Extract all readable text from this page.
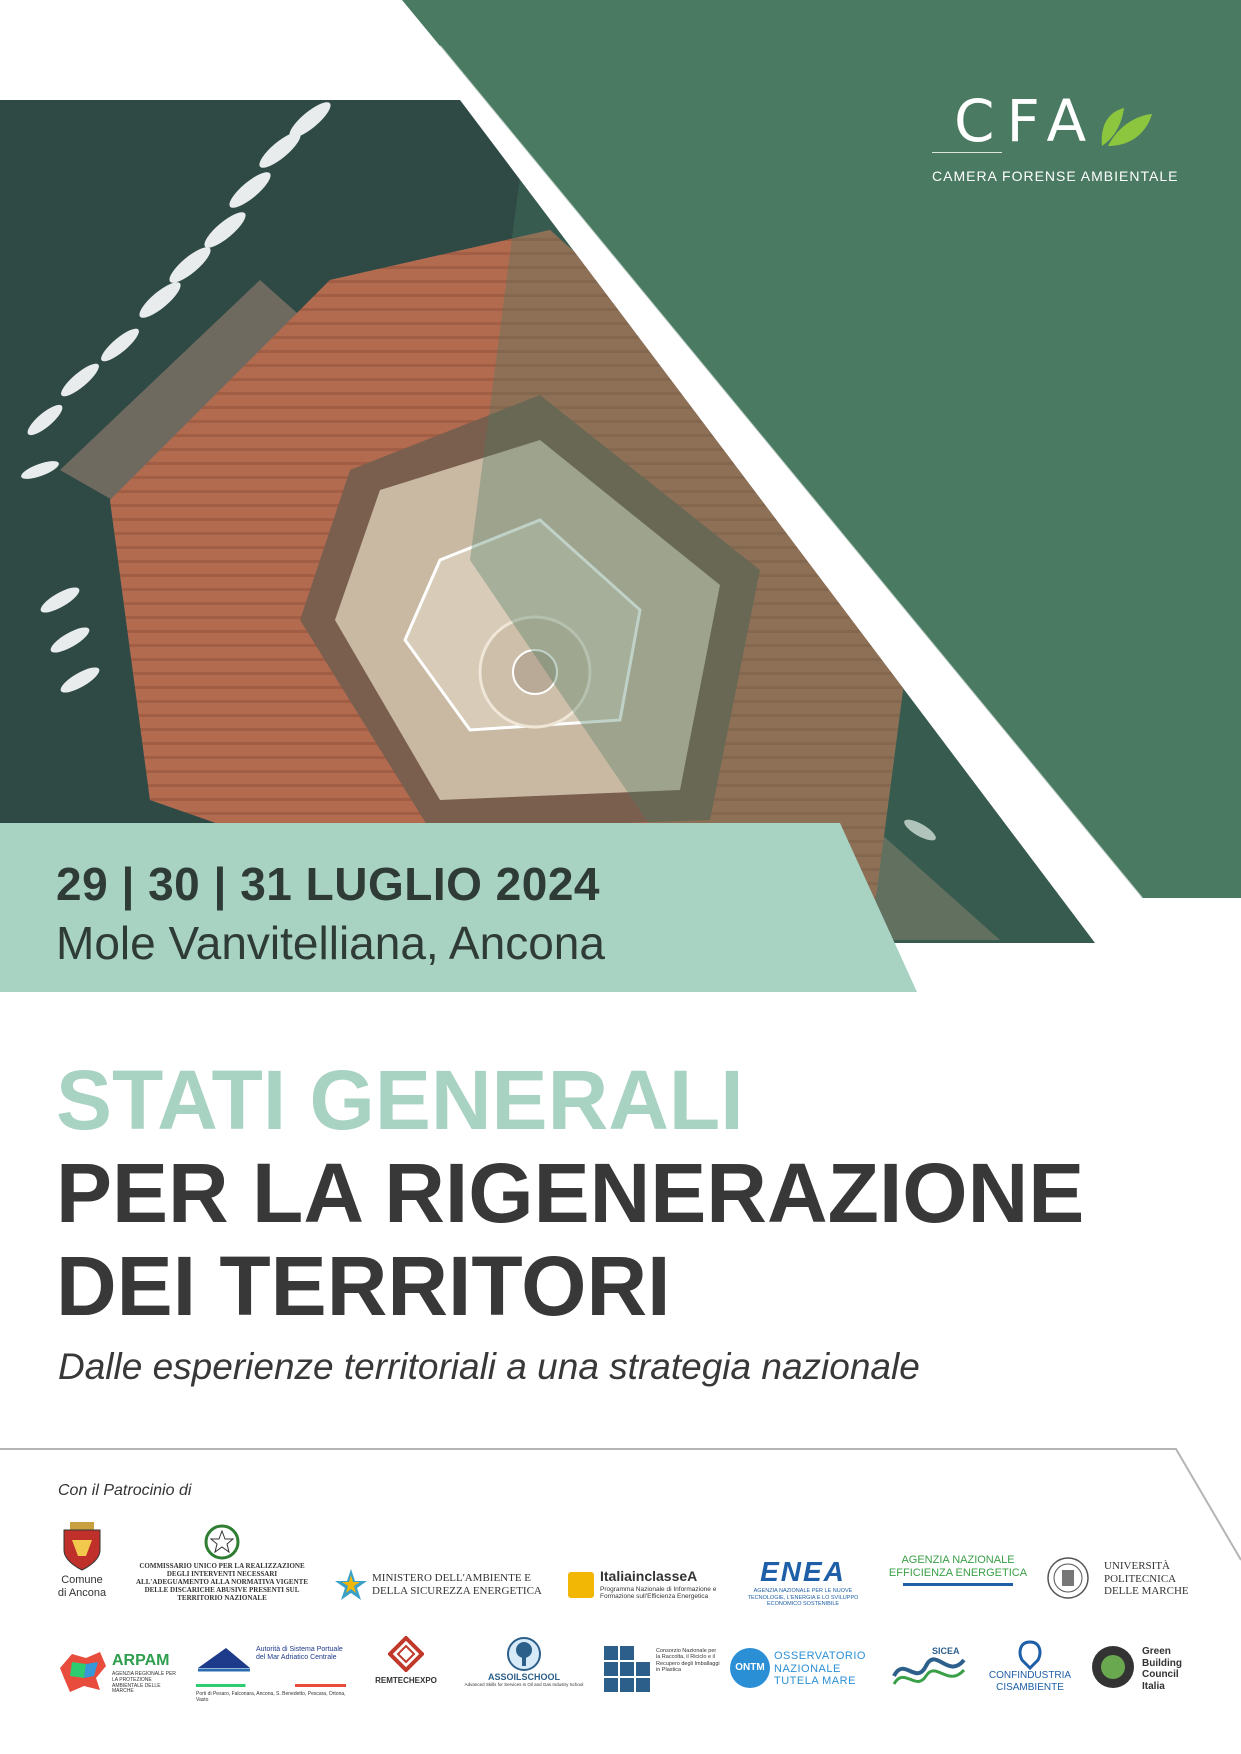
CFA
CAMERA FORENSE AMBIENTALE
29 | 30 | 31 LUGLIO 2024
Mole Vanvitelliana, Ancona
STATI GENERALI
PER LA RIGENERAZIONE
DEI TERRITORI
Dalle esperienze territoriali a una strategia nazionale
Con il Patrocinio di
Comune di Ancona
COMMISSARIO UNICO PER LA REALIZZAZIONE DEGLI INTERVENTI NECESSARI ALL'ADEGUAMENTO ALLA NORMATIVA VIGENTE DELLE DISCARICHE ABUSIVE PRESENTI SUL TERRITORIO NAZIONALE
MINISTERO DELL'AMBIENTE E DELLA SICUREZZA ENERGETICA
ItaliainclasseA
Programma Nazionale di Informazione e Formazione sull'Efficienza Energetica
ENEA
AGENZIA NAZIONALE PER LE NUOVE TECNOLOGIE, L'ENERGIA E LO SVILUPPO ECONOMICO SOSTENIBILE
AGENZIA NAZIONALE EFFICIENZA ENERGETICA
UNIVERSITÀ POLITECNICA DELLE MARCHE
ARPAM
AGENZIA REGIONALE PER LA PROTEZIONE AMBIENTALE DELLE MARCHE
Autorità di Sistema Portuale del Mar Adriatico Centrale
Porti di Pesaro, Falconara, Ancona, S. Benedetto, Pescara, Ortona, Vasto
REMTECHEXPO	ASSOILSCHOOL
Advanced Skills for Services in Oil and Gas Industry School
Consorzio Nazionale per la Raccolta, il Riciclo e il Recupero degli Imballaggi in Plastica	ONTM
OSSERVATORIO NAZIONALE TUTELA MARE
SICEA
CONFINDUSTRIA CISAMBIENTE
Green Building Council Italia
